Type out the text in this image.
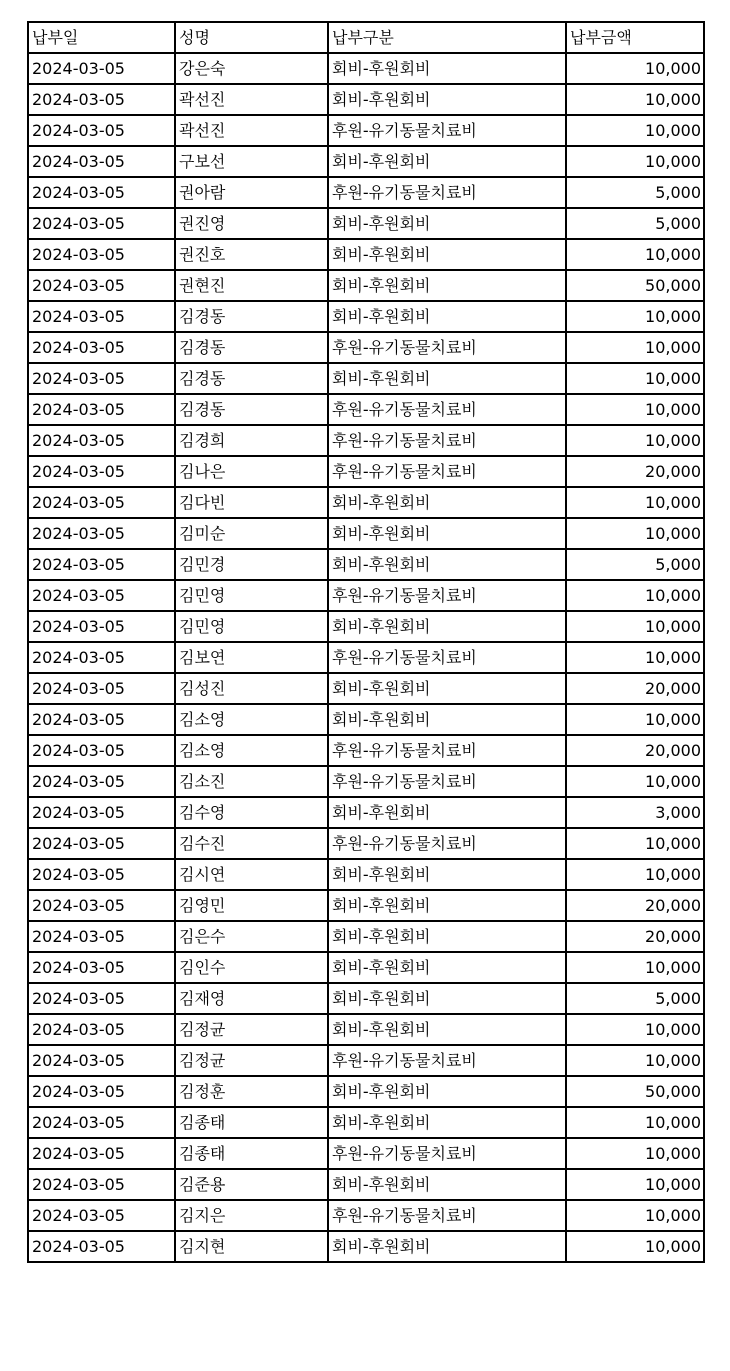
납부일	성명	납부구분	납부금액
2024-03-05	강은숙	회비-후원회비	10,000
2024-03-05	곽선진	회비-후원회비	10,000
2024-03-05	곽선진	후원-유기동물치료비	10,000
2024-03-05	구보선	회비-후원회비	10,000
2024-03-05	권아람	후원-유기동물치료비	5,000
2024-03-05	권진영	회비-후원회비	5,000
2024-03-05	권진호	회비-후원회비	10,000
2024-03-05	권현진	회비-후원회비	50,000
2024-03-05	김경동	회비-후원회비	10,000
2024-03-05	김경동	후원-유기동물치료비	10,000
2024-03-05	김경동	회비-후원회비	10,000
2024-03-05	김경동	후원-유기동물치료비	10,000
2024-03-05	김경희	후원-유기동물치료비	10,000
2024-03-05	김나은	후원-유기동물치료비	20,000
2024-03-05	김다빈	회비-후원회비	10,000
2024-03-05	김미순	회비-후원회비	10,000
2024-03-05	김민경	회비-후원회비	5,000
2024-03-05	김민영	후원-유기동물치료비	10,000
2024-03-05	김민영	회비-후원회비	10,000
2024-03-05	김보연	후원-유기동물치료비	10,000
2024-03-05	김성진	회비-후원회비	20,000
2024-03-05	김소영	회비-후원회비	10,000
2024-03-05	김소영	후원-유기동물치료비	20,000
2024-03-05	김소진	후원-유기동물치료비	10,000
2024-03-05	김수영	회비-후원회비	3,000
2024-03-05	김수진	후원-유기동물치료비	10,000
2024-03-05	김시연	회비-후원회비	10,000
2024-03-05	김영민	회비-후원회비	20,000
2024-03-05	김은수	회비-후원회비	20,000
2024-03-05	김인수	회비-후원회비	10,000
2024-03-05	김재영	회비-후원회비	5,000
2024-03-05	김정균	회비-후원회비	10,000
2024-03-05	김정균	후원-유기동물치료비	10,000
2024-03-05	김정훈	회비-후원회비	50,000
2024-03-05	김종태	회비-후원회비	10,000
2024-03-05	김종태	후원-유기동물치료비	10,000
2024-03-05	김준용	회비-후원회비	10,000
2024-03-05	김지은	후원-유기동물치료비	10,000
2024-03-05	김지현	회비-후원회비	10,000
